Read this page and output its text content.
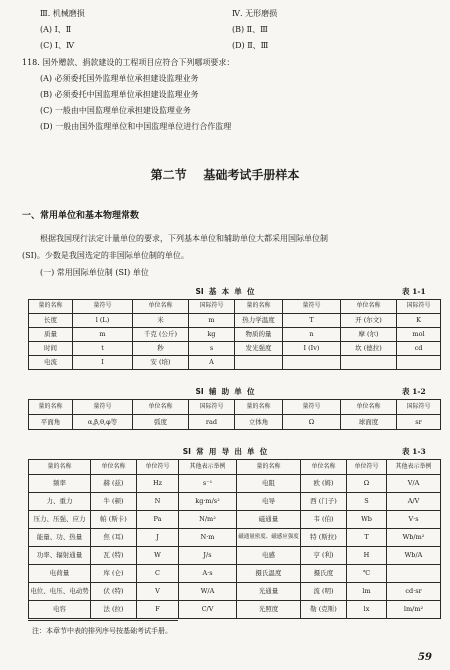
Ⅲ. 机械磨损	Ⅳ. 无形磨损
(A) Ⅰ、Ⅱ	(B) Ⅱ、Ⅲ
(C) Ⅰ、Ⅳ	(D) Ⅱ、Ⅲ
118. 国外赠款、捐款建设的工程项目应符合下列哪项要求：
(A) 必须委托国外监理单位承担建设监理业务
(B) 必须委托中国监理单位承担建设监理业务
(C) 一般由中国监理单位承担建设监理业务
(D) 一般由国外监理单位和中国监理单位进行合作监理
第二节    基础考试手册样本
一、常用单位和基本物理常数
根据我国现行法定计量单位的要求，下列基本单位和辅助单位大都采用国际单位制
(SI)。少数是我国选定的非国际单位制的单位。
(一) 常用国际单位制 (SI) 单位
SI  基  本  单  位	表 1-1
量的名称	量符号	单位名称	国际符号	量的名称	量符号	单位名称	国际符号
长度	l (L)	米	m	热力学温度	T	开 (尔文)	K
质量	m	千克 (公斤)	kg	物质的量	n	摩 (尔)	mol
时间	t	秒	s	发光强度	I (Iv)	坎 (德拉)	cd
电流	I	安 (培)	A				
SI  辅  助  单  位	表 1-2
量的名称	量符号	单位名称	国际符号	量的名称	量符号	单位名称	国际符号
平面角	α,β,θ,φ等	弧度	rad	立体角	Ω	球面度	sr
SI  常  用  导  出  单  位	表 1-3
量的名称	单位名称	单位符号	其他表示举例	量的名称	单位名称	单位符号	其他表示举例
频率	赫 (兹)	Hz	s⁻¹	电阻	欧 (姆)	Ω	V/A
力、重力	牛 (顿)	N	kg·m/s²	电导	西 (门子)	S	A/V
压力、压强、应力	帕 (斯卡)	Pa	N/m²	磁通量	韦 (伯)	Wb	V·s
能量、功、热量	焦 (耳)	J	N·m	磁通量密度、磁感应强度	特 (斯拉)	T	Wb/m²
功率、辐射通量	瓦 (特)	W	J/s	电感	亨 (利)	H	Wb/A
电荷量	库 (仑)	C	A·s	摄氏温度	摄氏度	℃	
电位、电压、电动势	伏 (特)	V	W/A	光通量	流 (明)	lm	cd·sr
电容	法 (拉)	F	C/V	光照度	勒 (克斯)	lx	lm/m²
注：本章节中表的排列序号按基础考试手册。
59
